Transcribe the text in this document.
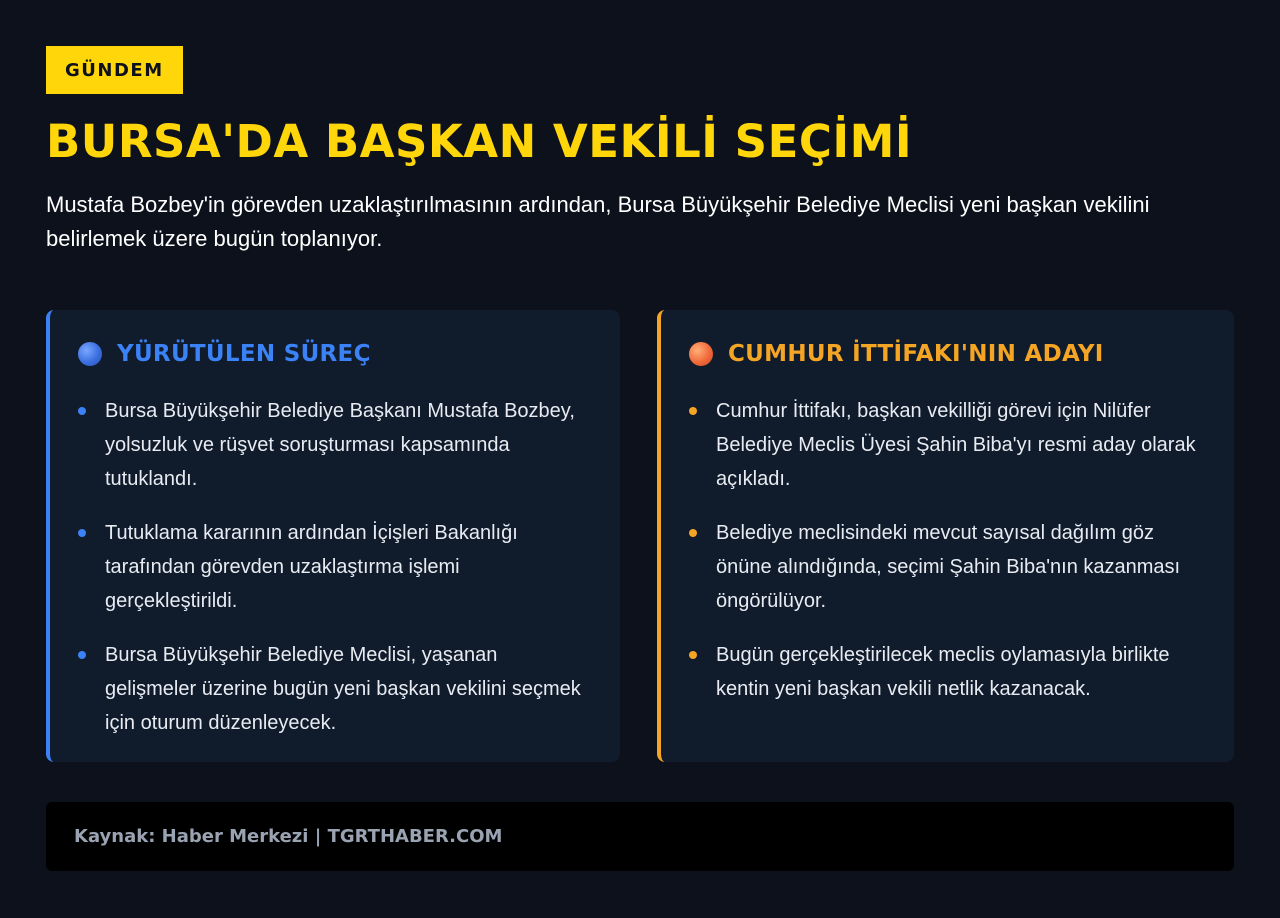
GÜNDEM
BURSA'DA BAŞKAN VEKİLİ SEÇİMİ

Mustafa Bozbey'in görevden uzaklaştırılmasının ardından, Bursa Büyükşehir Belediye Meclisi yeni başkan vekilini belirlemek üzere bugün toplanıyor.

YÜRÜTÜLEN SÜREÇ
Bursa Büyükşehir Belediye Başkanı Mustafa Bozbey, yolsuzluk ve rüşvet soruşturması kapsamında tutuklandı.
Tutuklama kararının ardından İçişleri Bakanlığı tarafından görevden uzaklaştırma işlemi gerçekleştirildi.
Bursa Büyükşehir Belediye Meclisi, yaşanan gelişmeler üzerine bugün yeni başkan vekilini seçmek için oturum düzenleyecek.
CUMHUR İTTİFAKI'NIN ADAYI
Cumhur İttifakı, başkan vekilliği görevi için Nilüfer Belediye Meclis Üyesi Şahin Biba'yı resmi aday olarak açıkladı.
Belediye meclisindeki mevcut sayısal dağılım göz önüne alındığında, seçimi Şahin Biba'nın kazanması öngörülüyor.
Bugün gerçekleştirilecek meclis oylamasıyla birlikte kentin yeni başkan vekili netlik kazanacak.
Kaynak: Haber Merkezi | TGRTHABER.COM
